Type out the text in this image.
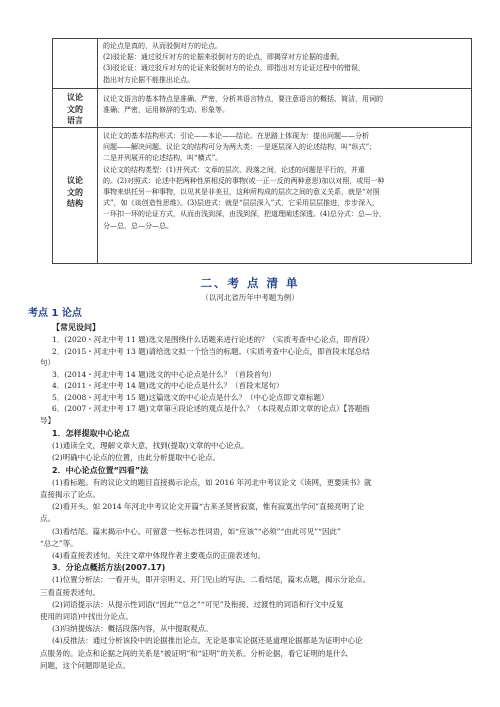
的论点是真的，从而驳倒对方的论点。
(2)驳论据：通过驳斥对方的论据来驳倒对方的论点，即揭穿对方论据的虚假。
(3)驳论证：通过驳斥对方的论证来驳倒对方的论点，即指出对方论证过程中的错误，
指出对方论据不能推出论点。
议论
文的
语言
议论文语言的基本特点是准确、严密，分析其语言特点，要注意语言的概括、简洁，用词的
准确、严密，运用修辞的生动、形象等。
议论
文的
结构
议论文的基本结构形式：引论——本论——结论。在思路上体现为：提出问题——分析
问题——解决问题。议论文的结构可分为两大类：一是逐层深入的论述结构，叫“纵式”；
二是并列展开的论述结构，叫“横式”。
议论文的结构类型：(1)并列式：文章的层次、段落之间，论述的问题是平行的，并重
的。(2)对照式：论述中把两种性质相反的事物(或一正一反的两种意思)加以对照，或用一种
事物来烘托另一种事物，以见其是非美丑，这种所构成的层次之间的意义关系，就是“对照
式”，如《谈创造性思维》。(3)层进式：就是“层层深入”式，它采用层层推进，步步深入，
一环扣一环的论证方式，从而由浅到深，由浅到深，把道理阐述深透。(4)总分式：总—分，
分—总，总—分—总。
二、考 点 清 单
（以河北省历年中考题为例）
考点 1 论点
【常见设问】
1．(2020・河北中考 11 题)选文是围绕什么话题来进行论述的？（实质考查中心论点，即首段）
2．(2015・河北中考 13 题)请给选文拟一个恰当的标题。（实质考查中心论点，即首段末尾总结
句）
3．(2014・河北中考 14 题)选文的中心论点是什么？（首段首句）
4．(2011・河北中考 14 题)选文的中心论点是什么？（首段末尾句）
5．(2008・河北中考 15 题)这篇选文的中心论点是什么？（中心论点即文章标题）
6．(2007・河北中考 17 题)文章第④段论述的观点是什么？（本段观点即文章的论点）【答题指
导】
1．怎样提取中心论点
(1)通读全文，理解文章大意，找到(提取)文章的中心论点。
(2)明确中心论点的位置，由此分析提取中心论点。
2．中心论点位置“四看”法
(1)看标题。有的议论文的题目直接揭示论点，如 2016 年河北中考议论文《读网，更要读书》就
直接揭示了论点。
(2)看开头。如 2014 年河北中考议论文开篇“古来圣贤皆寂寞，惟有寂寞出学问”直接亮明了论
点。
(3)看结尾。篇末揭示中心。可留意一些标志性词语，如“应该”“必须”“由此可见”“因此”
“总之”等。
(4)看直接表述句。关注文章中体现作者主要观点的正面表述句。
3．分论点概括方法(2007.17)
(1)位置分析法：一看开头，即开宗明义、开门见山的写法。二看结尾，篇末点题，揭示分论点。
三看直接表述句。
(2)词语提示法：从提示性词语(“因此”“总之”“可见”及衔接、过渡性的词语和行文中反复
使用的词语)中找出分论点。
(3)归纳提炼法：概括段落内容，从中提取观点。
(4)反推法：通过分析该段中的论据推出论点。无论是事实论据还是道理论据都是为证明中心论
点服务的。论点和论据之间的关系是“被证明”和“证明”的关系。分析论据，看它证明的是什么
问题，这个问题即是论点。
